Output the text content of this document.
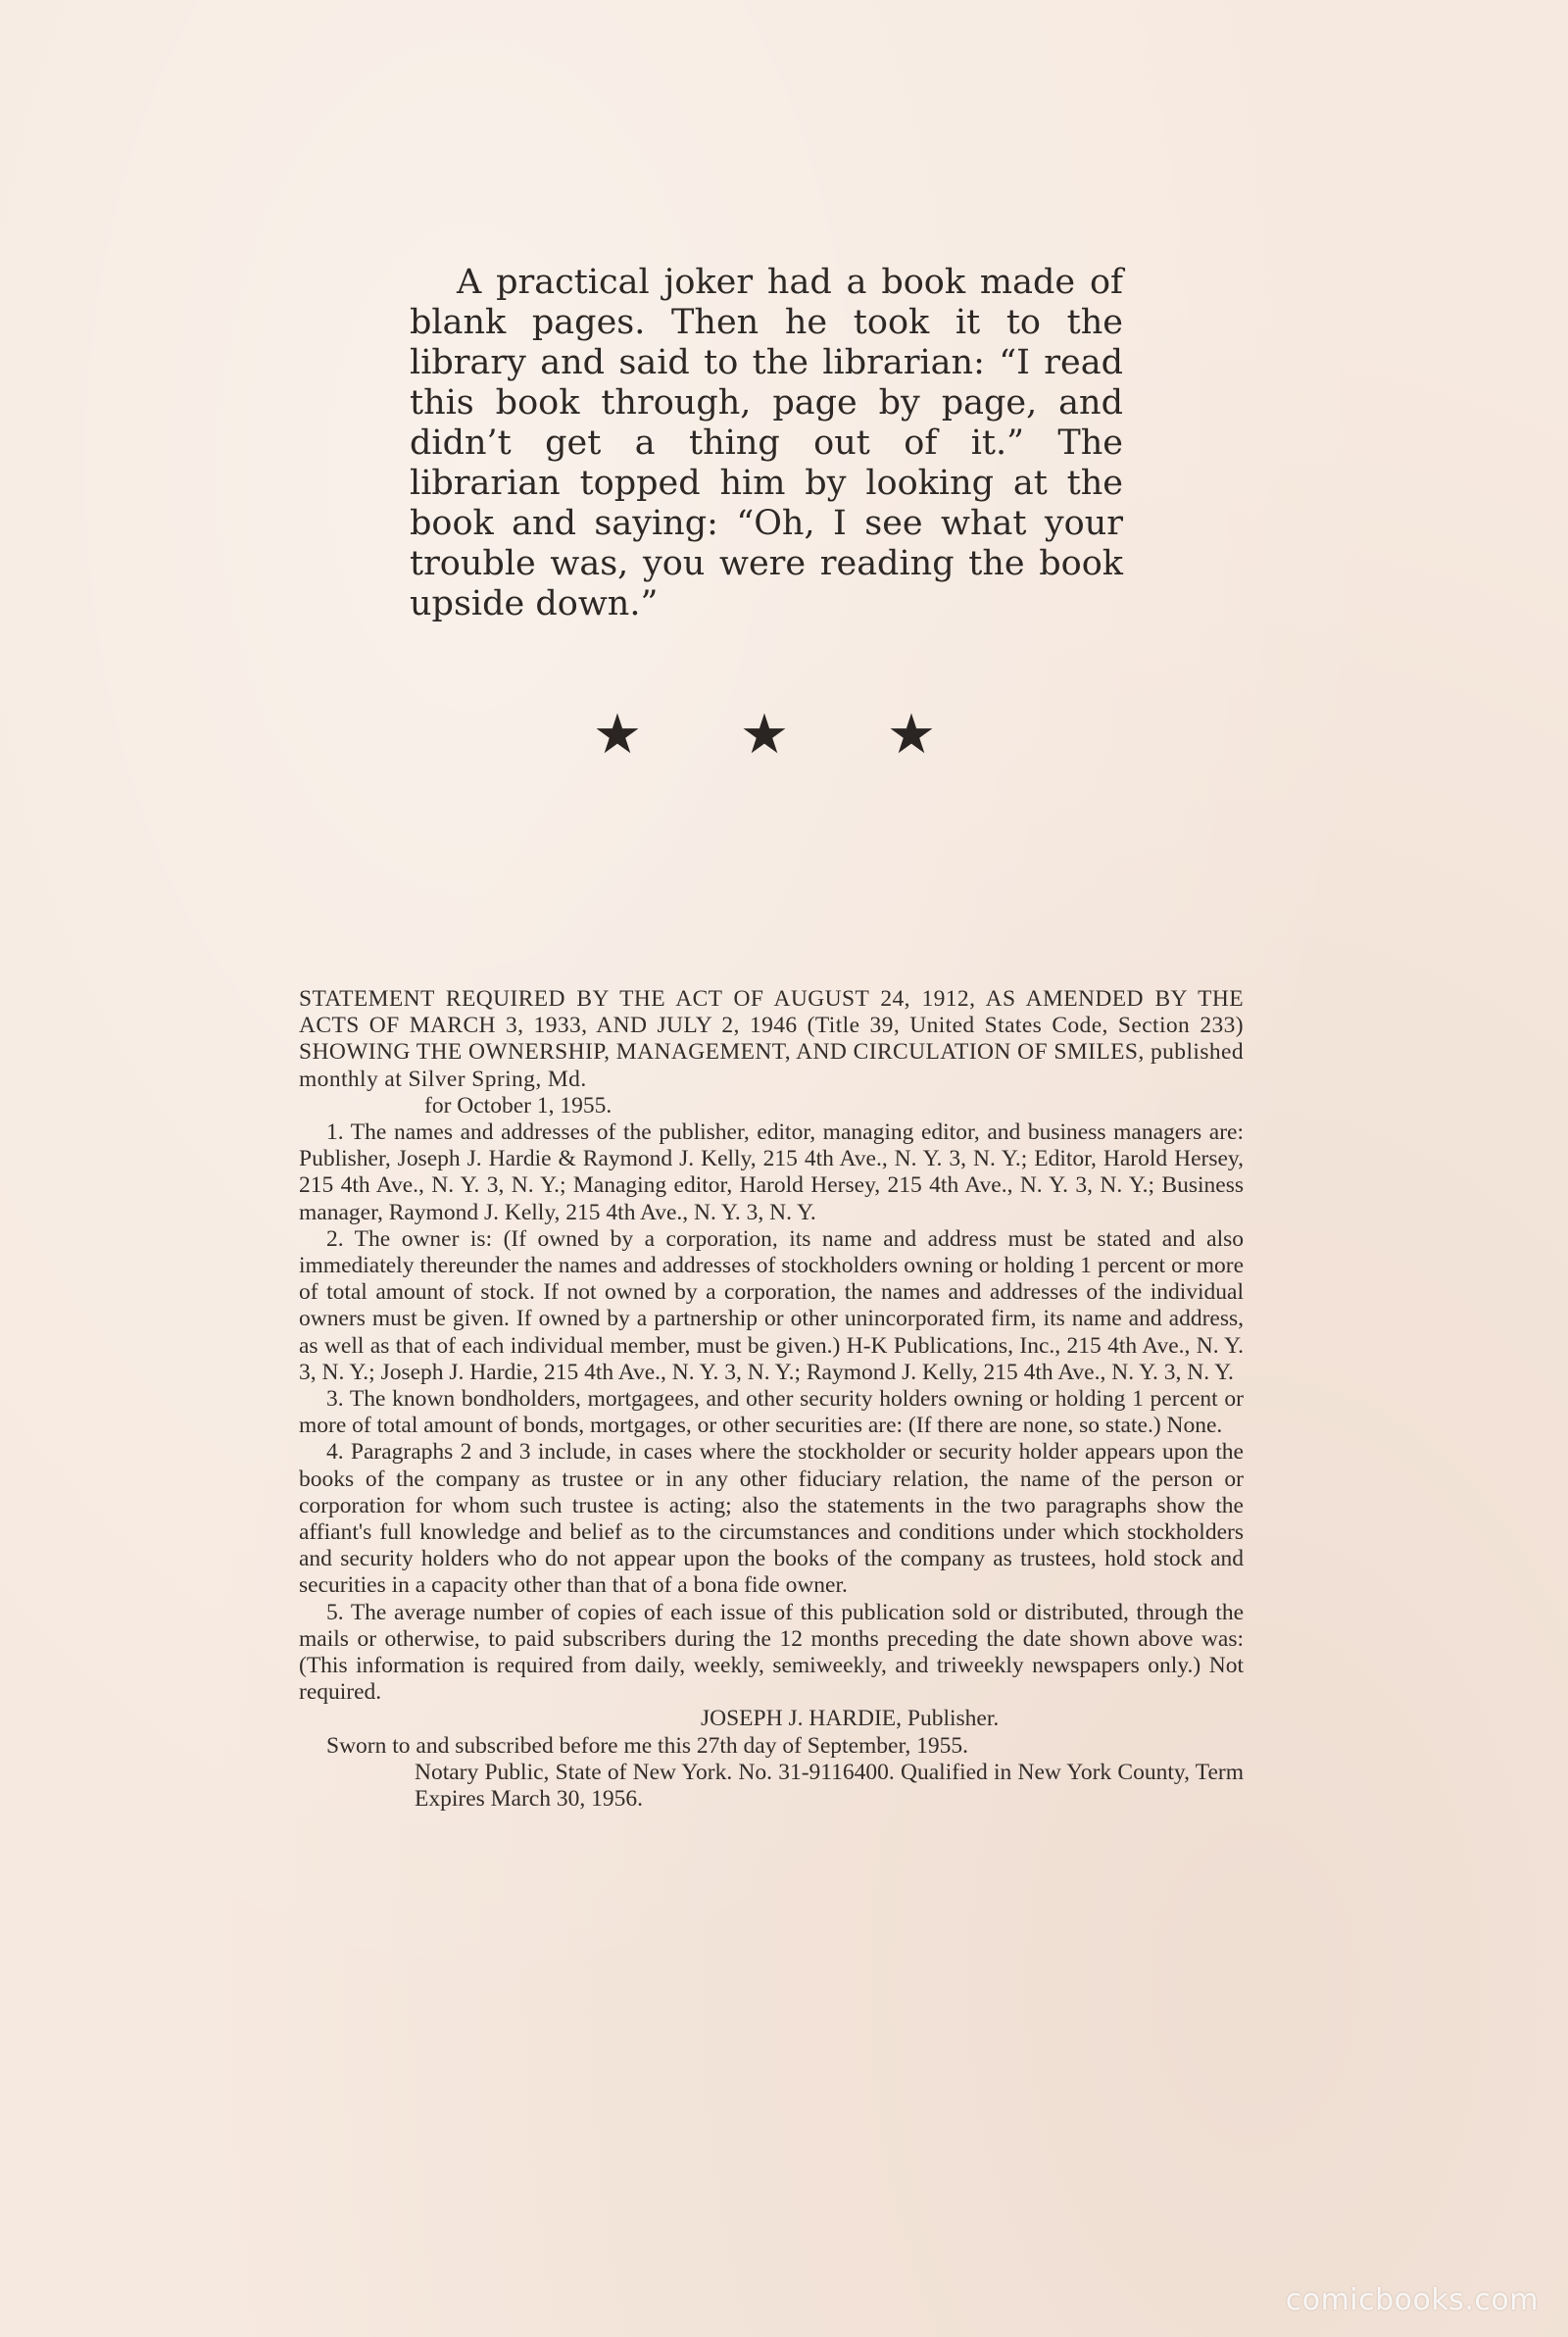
A practical joker had a book made of blank pages. Then he took it to the library and said to the librarian: “I read this book through, page by page, and didn’t get a thing out of it.” The librarian topped him by looking at the book and saying: “Oh, I see what your trouble was, you were reading the book upside down.”

★ ★ ★

STATEMENT REQUIRED BY THE ACT OF AUGUST 24, 1912, AS AMENDED BY THE ACTS OF MARCH 3, 1933, AND JULY 2, 1946 (Title 39, United States Code, Section 233) SHOWING THE OWNERSHIP, MANAGEMENT, AND CIRCULATION OF SMILES, published monthly at Silver Spring, Md.

for October 1, 1955.

1. The names and addresses of the publisher, editor, managing editor, and business managers are: Publisher, Joseph J. Hardie & Raymond J. Kelly, 215 4th Ave., N. Y. 3, N. Y.; Editor, Harold Hersey, 215 4th Ave., N. Y. 3, N. Y.; Managing editor, Harold Hersey, 215 4th Ave., N. Y. 3, N. Y.; Business manager, Raymond J. Kelly, 215 4th Ave., N. Y. 3, N. Y.

2. The owner is: (If owned by a corporation, its name and address must be stated and also immediately thereunder the names and addresses of stockholders owning or holding 1 percent or more of total amount of stock. If not owned by a corporation, the names and addresses of the individual owners must be given. If owned by a partnership or other unincorporated firm, its name and address, as well as that of each individual member, must be given.) H-K Publications, Inc., 215 4th Ave., N. Y. 3, N. Y.; Joseph J. Hardie, 215 4th Ave., N. Y. 3, N. Y.; Raymond J. Kelly, 215 4th Ave., N. Y. 3, N. Y.

3. The known bondholders, mortgagees, and other security holders owning or holding 1 percent or more of total amount of bonds, mortgages, or other securities are: (If there are none, so state.) None.

4. Paragraphs 2 and 3 include, in cases where the stockholder or security holder appears upon the books of the company as trustee or in any other fiduciary relation, the name of the person or corporation for whom such trustee is acting; also the statements in the two paragraphs show the affiant's full knowledge and belief as to the circumstances and conditions under which stockholders and security holders who do not appear upon the books of the company as trustees, hold stock and securities in a capacity other than that of a bona fide owner.

5. The average number of copies of each issue of this publication sold or distributed, through the mails or otherwise, to paid subscribers during the 12 months preceding the date shown above was: (This information is required from daily, weekly, semiweekly, and triweekly newspapers only.) Not required.

JOSEPH J. HARDIE, Publisher.

Sworn to and subscribed before me this 27th day of September, 1955.

Notary Public, State of New York. No. 31-9116400. Qualified in New York County, Term Expires March 30, 1956.

comicbooks.com
